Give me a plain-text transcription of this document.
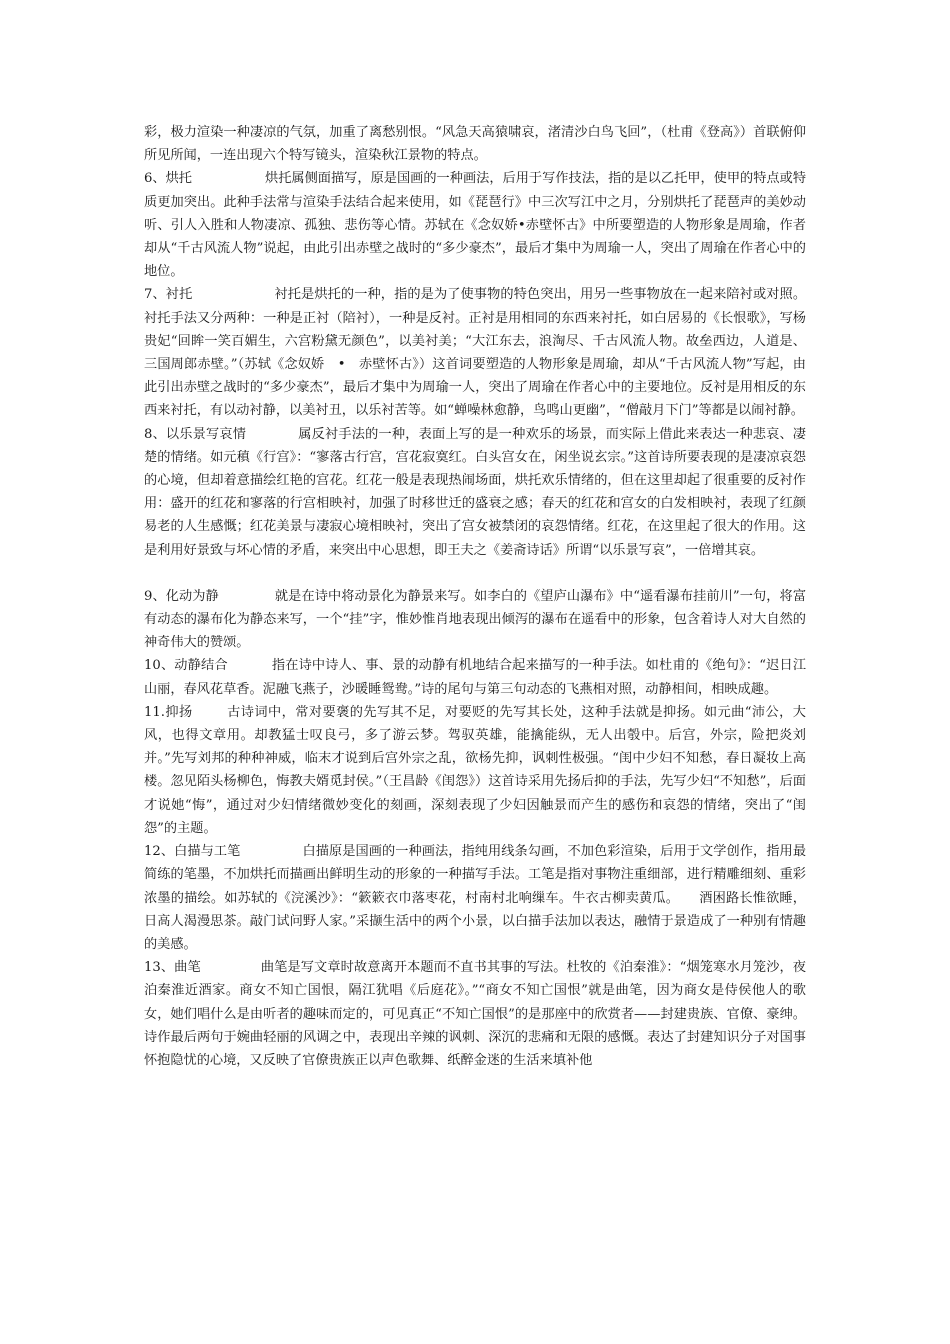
彩，极力渲染一种凄凉的气氛，加重了离愁别恨。“风急天高猿啸哀，渚清沙白鸟飞回”，（杜甫《登高》）首联俯仰所见所闻，一连出现六个特写镜头，渲染秋江景物的特点。

6、烘托	烘托属侧面描写，原是国画的一种画法，后用于写作技法，指的是以乙托甲，使甲的特点或特质更加突出。此种手法常与渲染手法结合起来使用，如《琵琶行》中三次写江中之月，分别烘托了琵琶声的美妙动听、引人入胜和人物凄凉、孤独、悲伤等心情。苏轼在《念奴娇•赤壁怀古》中所要塑造的人物形象是周瑜，作者却从“千古风流人物”说起，由此引出赤壁之战时的“多少豪杰”，最后才集中为周瑜一人，突出了周瑜在作者心中的地位。

7、衬托	衬托是烘托的一种，指的是为了使事物的特色突出，用另一些事物放在一起来陪衬或对照。衬托手法又分两种：一种是正衬（陪衬），一种是反衬。正衬是用相同的东西来衬托，如白居易的《长恨歌》，写杨贵妃“回眸一笑百媚生，六宫粉黛无颜色”，以美衬美；“大江东去，浪淘尽、千古风流人物。故垒西边，人道是、三国周郎赤壁。”（苏轼《念奴娇　•　赤壁怀古》）这首词要塑造的人物形象是周瑜，却从“千古风流人物”写起，由此引出赤壁之战时的“多少豪杰”，最后才集中为周瑜一人，突出了周瑜在作者心中的主要地位。反衬是用相反的东西来衬托，有以动衬静，以美衬丑，以乐衬苦等。如“蝉噪林愈静，鸟鸣山更幽”，“僧敲月下门”等都是以闹衬静。

8、以乐景写哀情	属反衬手法的一种，表面上写的是一种欢乐的场景，而实际上借此来表达一种悲哀、凄楚的情绪。如元稹《行宫》：“寥落古行宫，宫花寂寞红。白头宫女在，闲坐说玄宗。”这首诗所要表现的是凄凉哀怨的心境，但却着意描绘红艳的宫花。红花一般是表现热闹场面，烘托欢乐情绪的，但在这里却起了很重要的反衬作用：盛开的红花和寥落的行宫相映衬，加强了时移世迁的盛衰之感；春天的红花和宫女的白发相映衬，表现了红颜易老的人生感慨；红花美景与凄寂心境相映衬，突出了宫女被禁闭的哀怨情绪。红花，在这里起了很大的作用。这是利用好景致与坏心情的矛盾，来突出中心思想，即王夫之《姜斋诗话》所谓“以乐景写哀”，一倍增其哀。

9、化动为静	就是在诗中将动景化为静景来写。如李白的《望庐山瀑布》中“遥看瀑布挂前川”一句，将富有动态的瀑布化为静态来写，一个“挂”字，惟妙惟肖地表现出倾泻的瀑布在遥看中的形象，包含着诗人对大自然的神奇伟大的赞颂。

10、动静结合	指在诗中诗人、事、景的动静有机地结合起来描写的一种手法。如杜甫的《绝句》：“迟日江山丽，春风花草香。泥融飞燕子，沙暖睡鸳鸯。”诗的尾句与第三句动态的飞燕相对照，动静相间，相映成趣。

11.抑扬	古诗词中，常对要褒的先写其不足，对要贬的先写其长处，这种手法就是抑扬。如元曲“沛公，大风，也得文章用。却教猛士叹良弓，多了游云梦。驾驭英雄，能擒能纵，无人出彀中。后宫，外宗，险把炎刘并。”先写刘邦的种种神威，临末才说到后宫外宗之乱，欲杨先抑，讽刺性极强。“闺中少妇不知愁，春日凝妆上高楼。忽见陌头杨柳色，悔教夫婿觅封侯。”（王昌龄《闺怨》）这首诗采用先扬后抑的手法，先写少妇“不知愁”，后面才说她“悔”，通过对少妇情绪微妙变化的刻画，深刻表现了少妇因触景而产生的感伤和哀怨的情绪，突出了“闺怨”的主题。

12、白描与工笔	白描原是国画的一种画法，指纯用线条勾画，不加色彩渲染，后用于文学创作，指用最简练的笔墨，不加烘托而描画出鲜明生动的形象的一种描写手法。工笔是指对事物注重细部，进行精雕细刻、重彩浓墨的描绘。如苏轼的《浣溪沙》：“簌簌衣巾落枣花，村南村北响缫车。牛衣古柳卖黄瓜。　　酒困路长惟欲睡，日高人渴漫思茶。敲门试问野人家。”采撷生活中的两个小景，以白描手法加以表达，融情于景造成了一种别有情趣的美感。

13、曲笔	曲笔是写文章时故意离开本题而不直书其事的写法。杜牧的《泊秦淮》：“烟笼寒水月笼沙，夜泊秦淮近酒家。商女不知亡国恨，隔江犹唱《后庭花》。”“商女不知亡国恨”就是曲笔，因为商女是侍侯他人的歌女，她们唱什么是由听者的趣味而定的，可见真正“不知亡国恨”的是那座中的欣赏者——封建贵族、官僚、豪绅。诗作最后两句于婉曲轻丽的风调之中，表现出辛辣的讽刺、深沉的悲痛和无限的感慨。表达了封建知识分子对国事怀抱隐忧的心境，又反映了官僚贵族正以声色歌舞、纸醉金迷的生活来填补他
